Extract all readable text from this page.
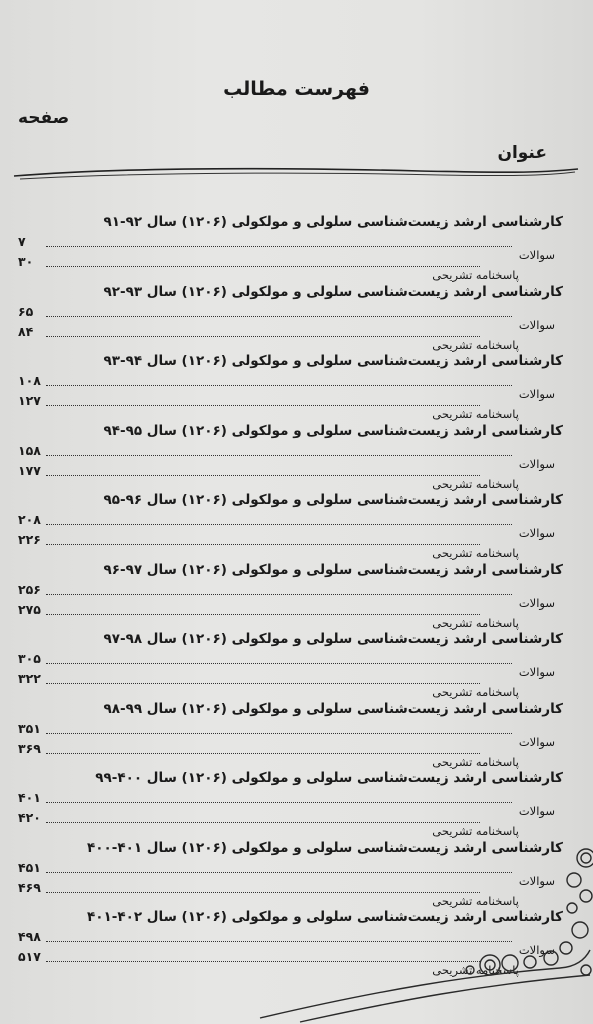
فهرست مطالب
صفحه
عنوان
کارشناسی ارشد زیست‌شناسی سلولی و مولکولی (۱۲۰۶) سال ۹۲-۹۱
سوالات
۷
پاسخنامه تشریحی
۳۰
کارشناسی ارشد زیست‌شناسی سلولی و مولکولی (۱۲۰۶) سال ۹۳-۹۲
سوالات
۶۵
پاسخنامه تشریحی
۸۴
کارشناسی ارشد زیست‌شناسی سلولی و مولکولی (۱۲۰۶) سال ۹۴-۹۳
سوالات
۱۰۸
پاسخنامه تشریحی
۱۲۷
کارشناسی ارشد زیست‌شناسی سلولی و مولکولی (۱۲۰۶) سال ۹۵-۹۴
سوالات
۱۵۸
پاسخنامه تشریحی
۱۷۷
کارشناسی ارشد زیست‌شناسی سلولی و مولکولی (۱۲۰۶) سال ۹۶-۹۵
سوالات
۲۰۸
پاسخنامه تشریحی
۲۲۶
کارشناسی ارشد زیست‌شناسی سلولی و مولکولی (۱۲۰۶) سال ۹۷-۹۶
سوالات
۲۵۶
پاسخنامه تشریحی
۲۷۵
کارشناسی ارشد زیست‌شناسی سلولی و مولکولی (۱۲۰۶) سال ۹۸-۹۷
سوالات
۳۰۵
پاسخنامه تشریحی
۳۲۲
کارشناسی ارشد زیست‌شناسی سلولی و مولکولی (۱۲۰۶) سال ۹۹-۹۸
سوالات
۳۵۱
پاسخنامه تشریحی
۳۶۹
کارشناسی ارشد زیست‌شناسی سلولی و مولکولی (۱۲۰۶) سال ۴۰۰-۹۹
سوالات
۴۰۱
پاسخنامه تشریحی
۴۲۰
کارشناسی ارشد زیست‌شناسی سلولی و مولکولی (۱۲۰۶) سال ۴۰۱-۴۰۰
سوالات
۴۵۱
پاسخنامه تشریحی
۴۶۹
کارشناسی ارشد زیست‌شناسی سلولی و مولکولی (۱۲۰۶) سال ۴۰۲-۴۰۱
سوالات
۴۹۸
پاسخنامه تشریحی
۵۱۷
